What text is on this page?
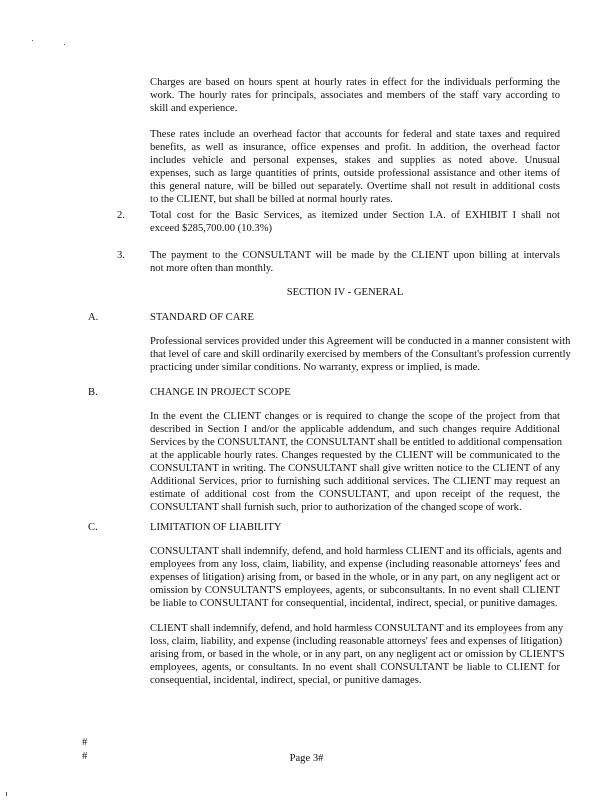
Charges are based on hours spent at hourly rates in effect for the individuals performing the
work. The hourly rates for principals, associates and members of the staff vary according to
skill and experience.
These rates include an overhead factor that accounts for federal and state taxes and required
benefits, as well as insurance, office expenses and profit. In addition, the overhead factor
includes vehicle and personal expenses, stakes and supplies as noted above. Unusual
expenses, such as large quantities of prints, outside professional assistance and other items of
this general nature, will be billed out separately. Overtime shall not result in additional costs
to the CLIENT, but shall be billed at normal hourly rates.
2. Total cost for the Basic Services, as itemized under Section I.A. of EXHIBIT I shall not
exceed $285,700.00 (10.3%)
3. The payment to the CONSULTANT will be made by the CLIENT upon billing at intervals
not more often than monthly.
SECTION IV - GENERAL
A.	STANDARD OF CARE
Professional services provided under this Agreement will be conducted in a manner consistent with
that level of care and skill ordinarily exercised by members of the Consultant's profession currently
practicing under similar conditions. No warranty, express or implied, is made.
B.	CHANGE IN PROJECT SCOPE
In the event the CLIENT changes or is required to change the scope of the project from that
described in Section I and/or the applicable addendum, and such changes require Additional
Services by the CONSULTANT, the CONSULTANT shall be entitled to additional compensation
at the applicable hourly rates. Changes requested by the CLIENT will be communicated to the
CONSULTANT in writing. The CONSULTANT shall give written notice to the CLIENT of any
Additional Services, prior to furnishing such additional services. The CLIENT may request an
estimate of additional cost from the CONSULTANT, and upon receipt of the request, the
CONSULTANT shall furnish such, prior to authorization of the changed scope of work.
C.	LIMITATION OF LIABILITY
CONSULTANT shall indemnify, defend, and hold harmless CLIENT and its officials, agents and
employees from any loss, claim, liability, and expense (including reasonable attorneys' fees and
expenses of litigation) arising from, or based in the whole, or in any part, on any negligent act or
omission by CONSULTANT'S employees, agents, or subconsultants. In no event shall CLIENT
be liable to CONSULTANT for consequential, incidental, indirect, special, or punitive damages.
CLIENT shall indemnify, defend, and hold harmless CONSULTANT and its employees from any
loss, claim, liability, and expense (including reasonable attorneys' fees and expenses of litigation)
arising from, or based in the whole, or in any part, on any negligent act or omission by CLIENT'S
employees, agents, or consultants. In no event shall CONSULTANT be liable to CLIENT for
consequential, incidental, indirect, special, or punitive damages.
#
#	Page 3#
